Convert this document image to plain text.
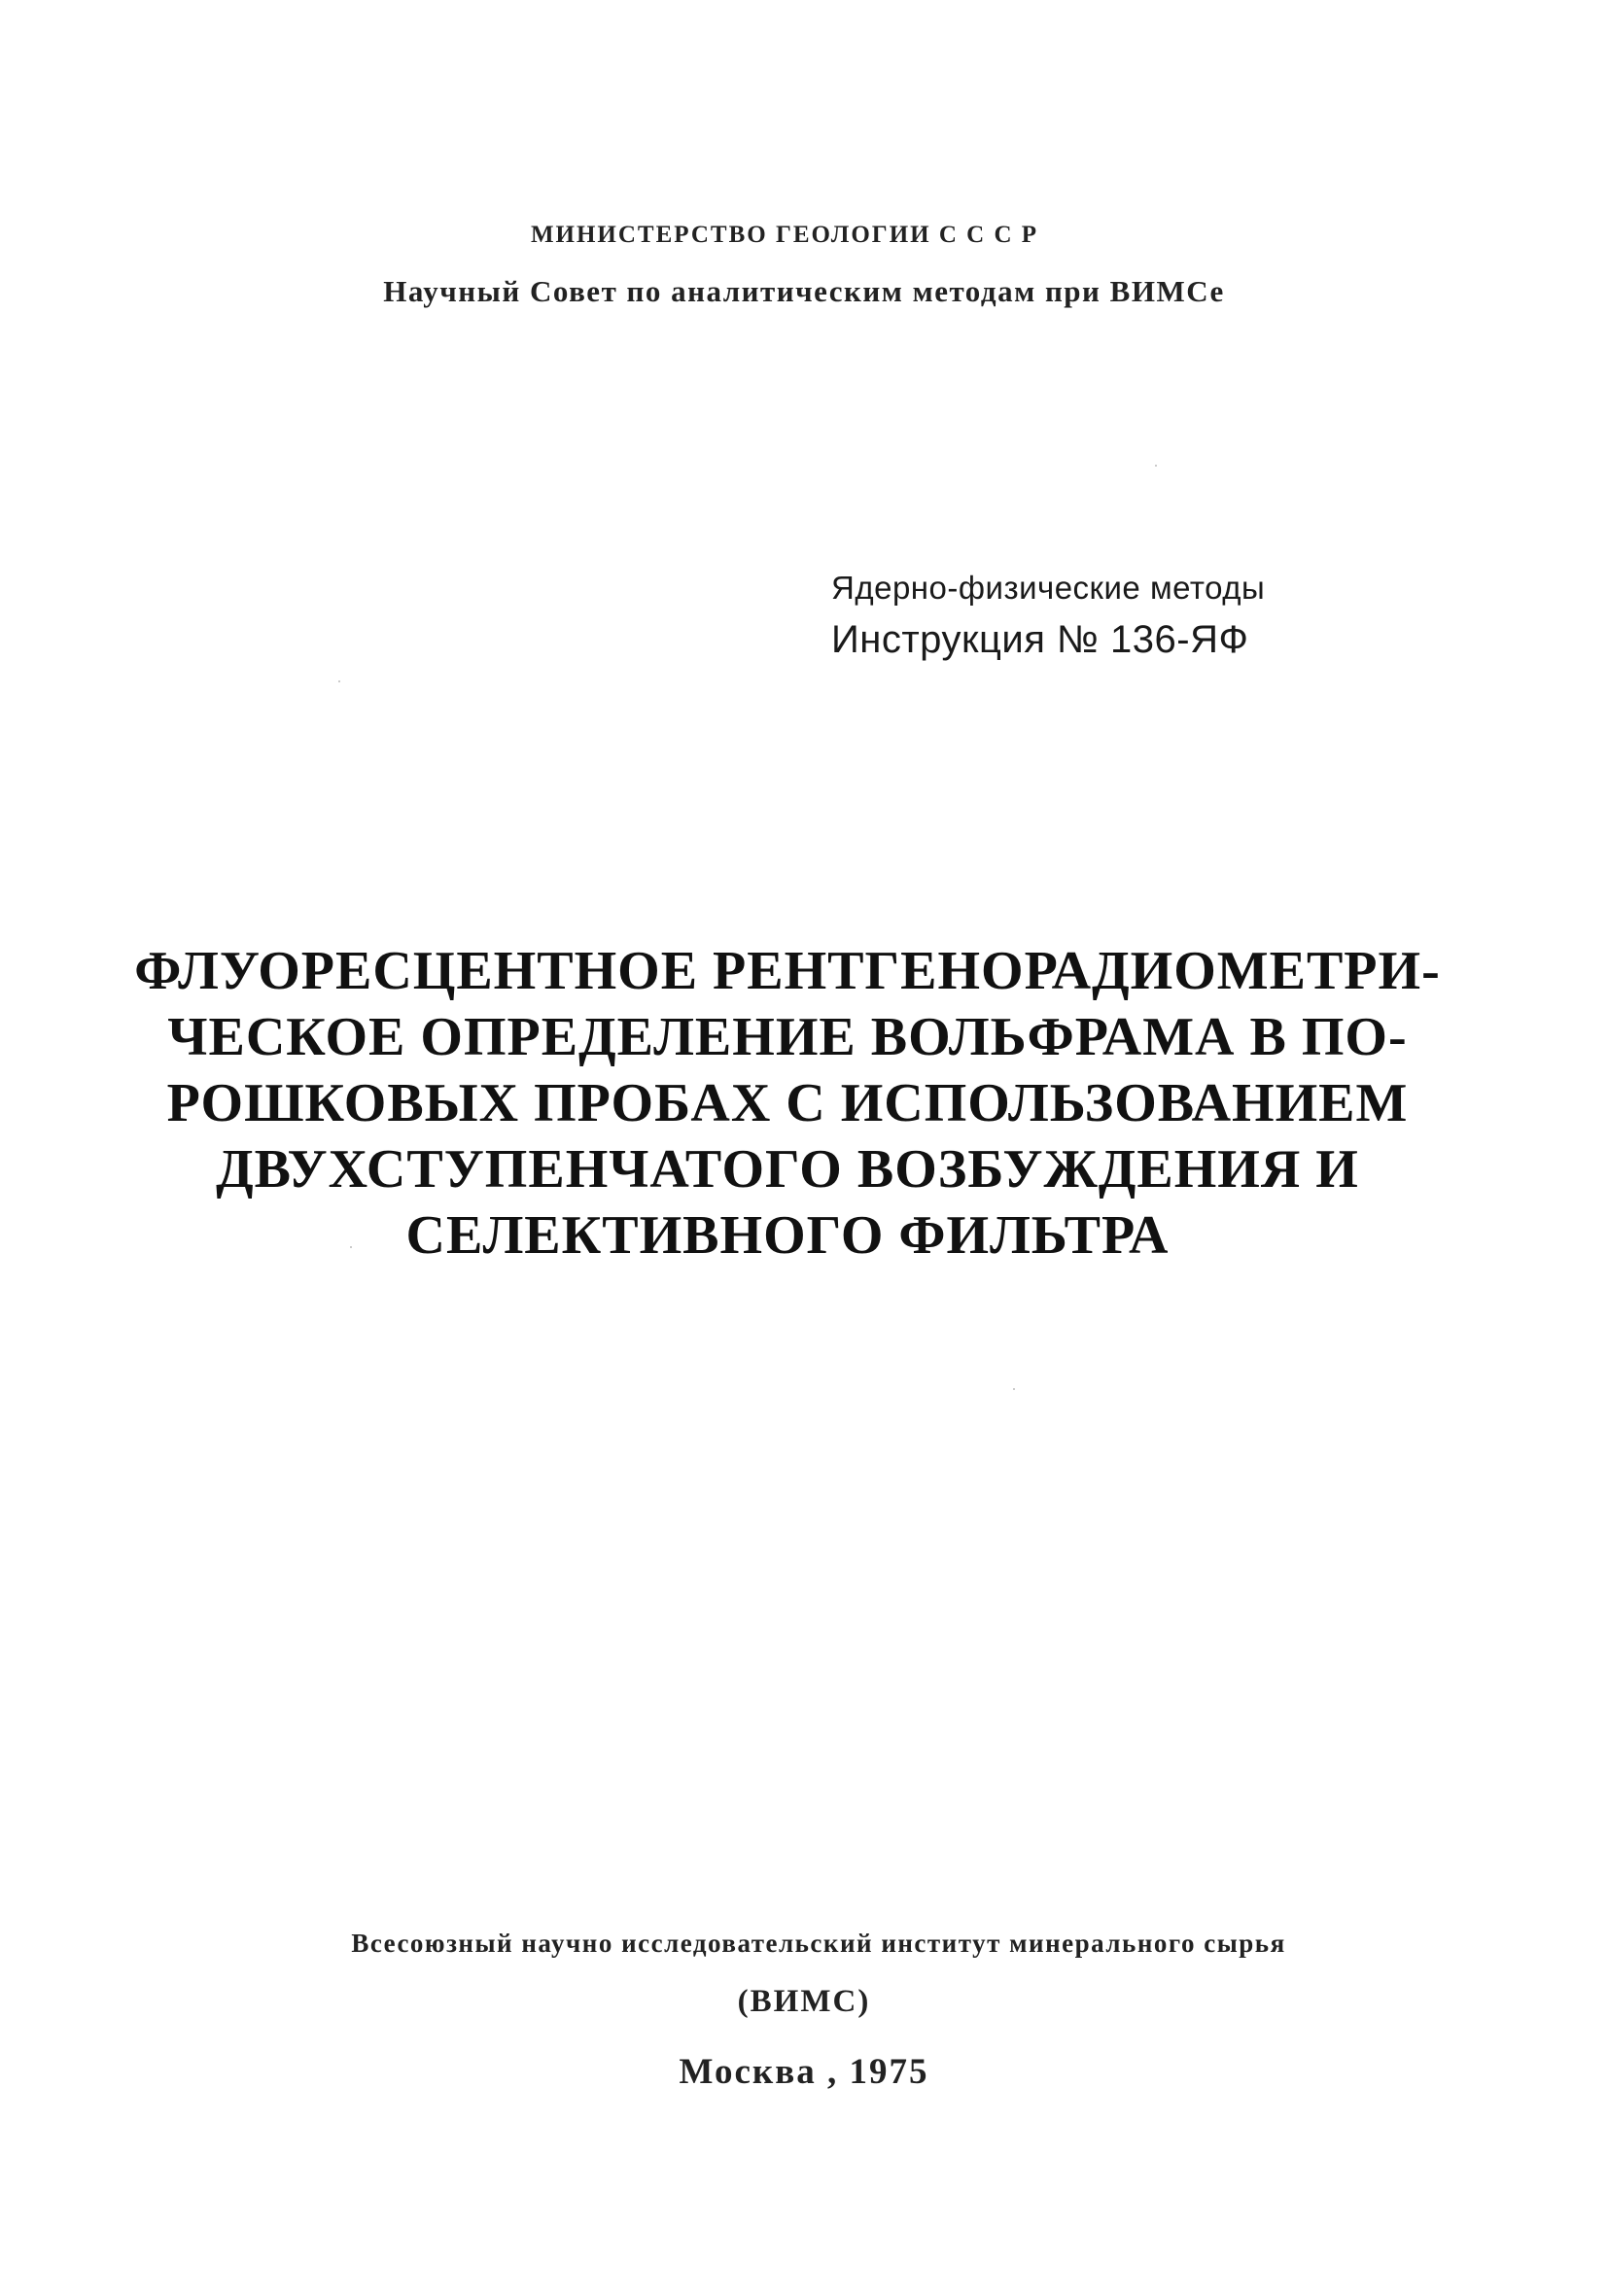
МИНИСТЕРСТВО ГЕОЛОГИИ С С С Р
Научный Совет по аналитическим методам при ВИМСе
Ядерно-физические методы
Инструкция № 136-ЯФ
ФЛУОРЕСЦЕНТНОЕ РЕНТГЕНОРАДИОМЕТРИ-
ЧЕСКОЕ ОПРЕДЕЛЕНИЕ ВОЛЬФРАМА В ПО-
РОШКОВЫХ ПРОБАХ С ИСПОЛЬЗОВАНИЕМ
ДВУХСТУПЕНЧАТОГО ВОЗБУЖДЕНИЯ И
СЕЛЕКТИВНОГО ФИЛЬТРА
Всесоюзный научно исследовательский институт минерального сырья
(ВИМС)
Москва , 1975
